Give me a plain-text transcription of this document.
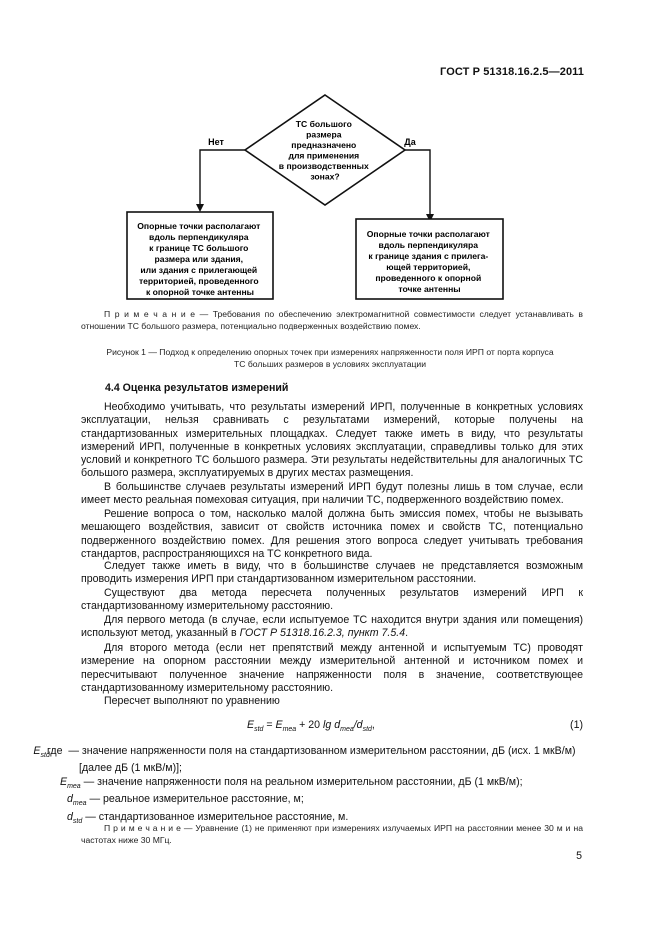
ГОСТ Р 51318.16.2.5—2011
ТС большого размера предназначено для применения в производственных зонах?
Нет	Да
Опорные точки располагают вдоль перпендикуляра к границе ТС большого размера или здания, или здания с прилегающей территорией, проведенного к опорной точке антенны
Опорные точки располагают вдоль перпендикуляра к границе здания с прилега- ющей территорией, проведенного к опорной точке антенны

П р и м е ч а н и е — Требования по обеспечению электромагнитной совместимости следует устанавливать в отношении ТС большого размера, потенциально подверженных воздействию помех.

Рисунок 1 — Подход к определению опорных точек при измерениях напряженности поля ИРП от порта корпуса
ТС больших размеров в условиях эксплуатации
4.4 Оценка результатов измерений

Необходимо учитывать, что результаты измерений ИРП, полученные в конкретных условиях эксплуатации, нельзя сравнивать с результатами измерений, которые получены на стандартизованных измерительных площадках. Следует также иметь в виду, что результаты измерений ИРП, полученные в конкретных условиях эксплуатации, справедливы только для этих условий и конкретного ТС большого размера. Эти результаты недействительны для аналогичных ТС большого размера, эксплуатируемых в других местах размещения.

В большинстве случаев результаты измерений ИРП будут полезны лишь в том случае, если имеет место реальная помеховая ситуация, при наличии ТС, подверженного воздействию помех.

Решение вопроса о том, насколько малой должна быть эмиссия помех, чтобы не вызывать мешающего воздействия, зависит от свойств источника помех и свойств ТС, потенциально подверженного воздействию помех. Для решения этого вопроса следует учитывать требования стандартов, распространяющихся на ТС конкретного вида.

Следует также иметь в виду, что в большинстве случаев не представляется возможным проводить измерения ИРП при стандартизованном измерительном расстоянии.

Существуют два метода пересчета полученных результатов измерений ИРП к стандартизованному измерительному расстоянию.

Для первого метода (в случае, если испытуемое ТС находится внутри здания или помещения) используют метод, указанный в ГОСТ Р 51318.16.2.3, пункт 7.5.4.

Для второго метода (если нет препятствий между антенной и испытуемым ТС) проводят измерение на опорном расстоянии между измерительной антенной и источником помех и пересчитывают полученное значение напряженности поля в значение, соответствующее стандартизованному измерительному расстоянию.

Пересчет выполняют по уравнению

$E_{std} = E_{mea} + 20$ $\lg d_{mea}/d_{std}$,	(1)
где $E_{std}$ — значение напряженности поля на стандартизованном измерительном расстоянии, дБ (исх. 1 мкВ/м) [далее дБ (1 мкВ/м)];
$E_{mea}$ — значение напряженности поля на реальном измерительном расстоянии, дБ (1 мкВ/м);
$d_{mea}$ — реальное измерительное расстояние, м;
$d_{std}$ — стандартизованное измерительное расстояние, м.

П р и м е ч а н и е — Уравнение (1) не применяют при измерениях излучаемых ИРП на расстоянии менее 30 м и на частотах ниже 30 МГц.

5
